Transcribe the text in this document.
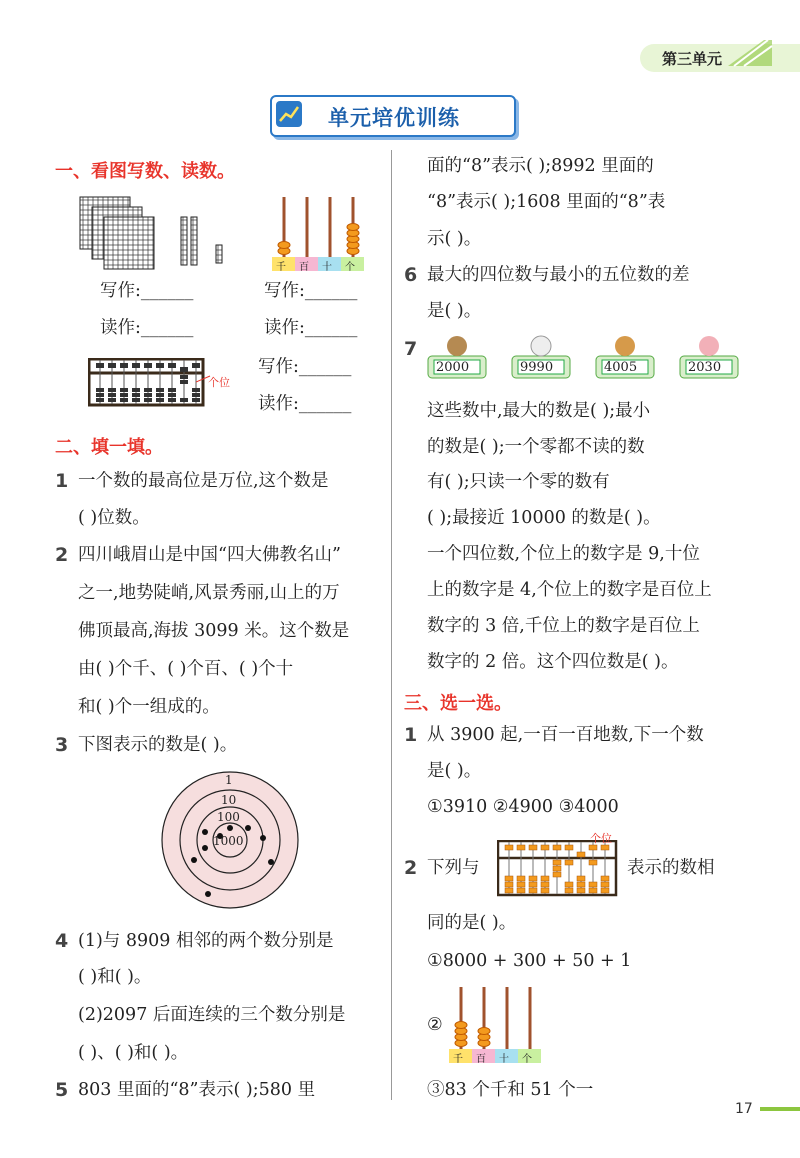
第三单元
单元培优训练
一、看图写数、读数。
千 百 十 个
写作:______	写作:______
读作:______	读作:______
个位
写作:______
读作:______
二、填一填。
1 一个数的最高位是万位,这个数是
( )位数。
2 四川峨眉山是中国“四大佛教名山”
之一,地势陡峭,风景秀丽,山上的万
佛顶最高,海拔 3099 米。这个数是
由( )个千、( )个百、( )个十
和( )个一组成的。
3 下图表示的数是( )。
1
10
100
1000
4 (1)与 8909 相邻的两个数分别是
( )和( )。
(2)2097 后面连续的三个数分别是
( )、( )和( )。
5 803 里面的“8”表示( );580 里
面的“8”表示( );8992 里面的
“8”表示( );1608 里面的“8”表
示( )。
6 最大的四位数与最小的五位数的差
是( )。
7
2000	9990	4005	2030
这些数中,最大的数是( );最小
的数是( );一个零都不读的数
有( );只读一个零的数有
( );最接近 10000 的数是( )。
一个四位数,个位上的数字是 9,十位
上的数字是 4,个位上的数字是百位上
数字的 3 倍,千位上的数字是百位上
数字的 2 倍。这个四位数是( )。
三、选一选。
1 从 3900 起,一百一百地数,下一个数
是( )。
①3910 ②4900 ③4000
2 下列与
个位
表示的数相
同的是( )。
①8000 + 300 + 50 + 1
②
千 百 十 个
③83 个千和 51 个一
17
